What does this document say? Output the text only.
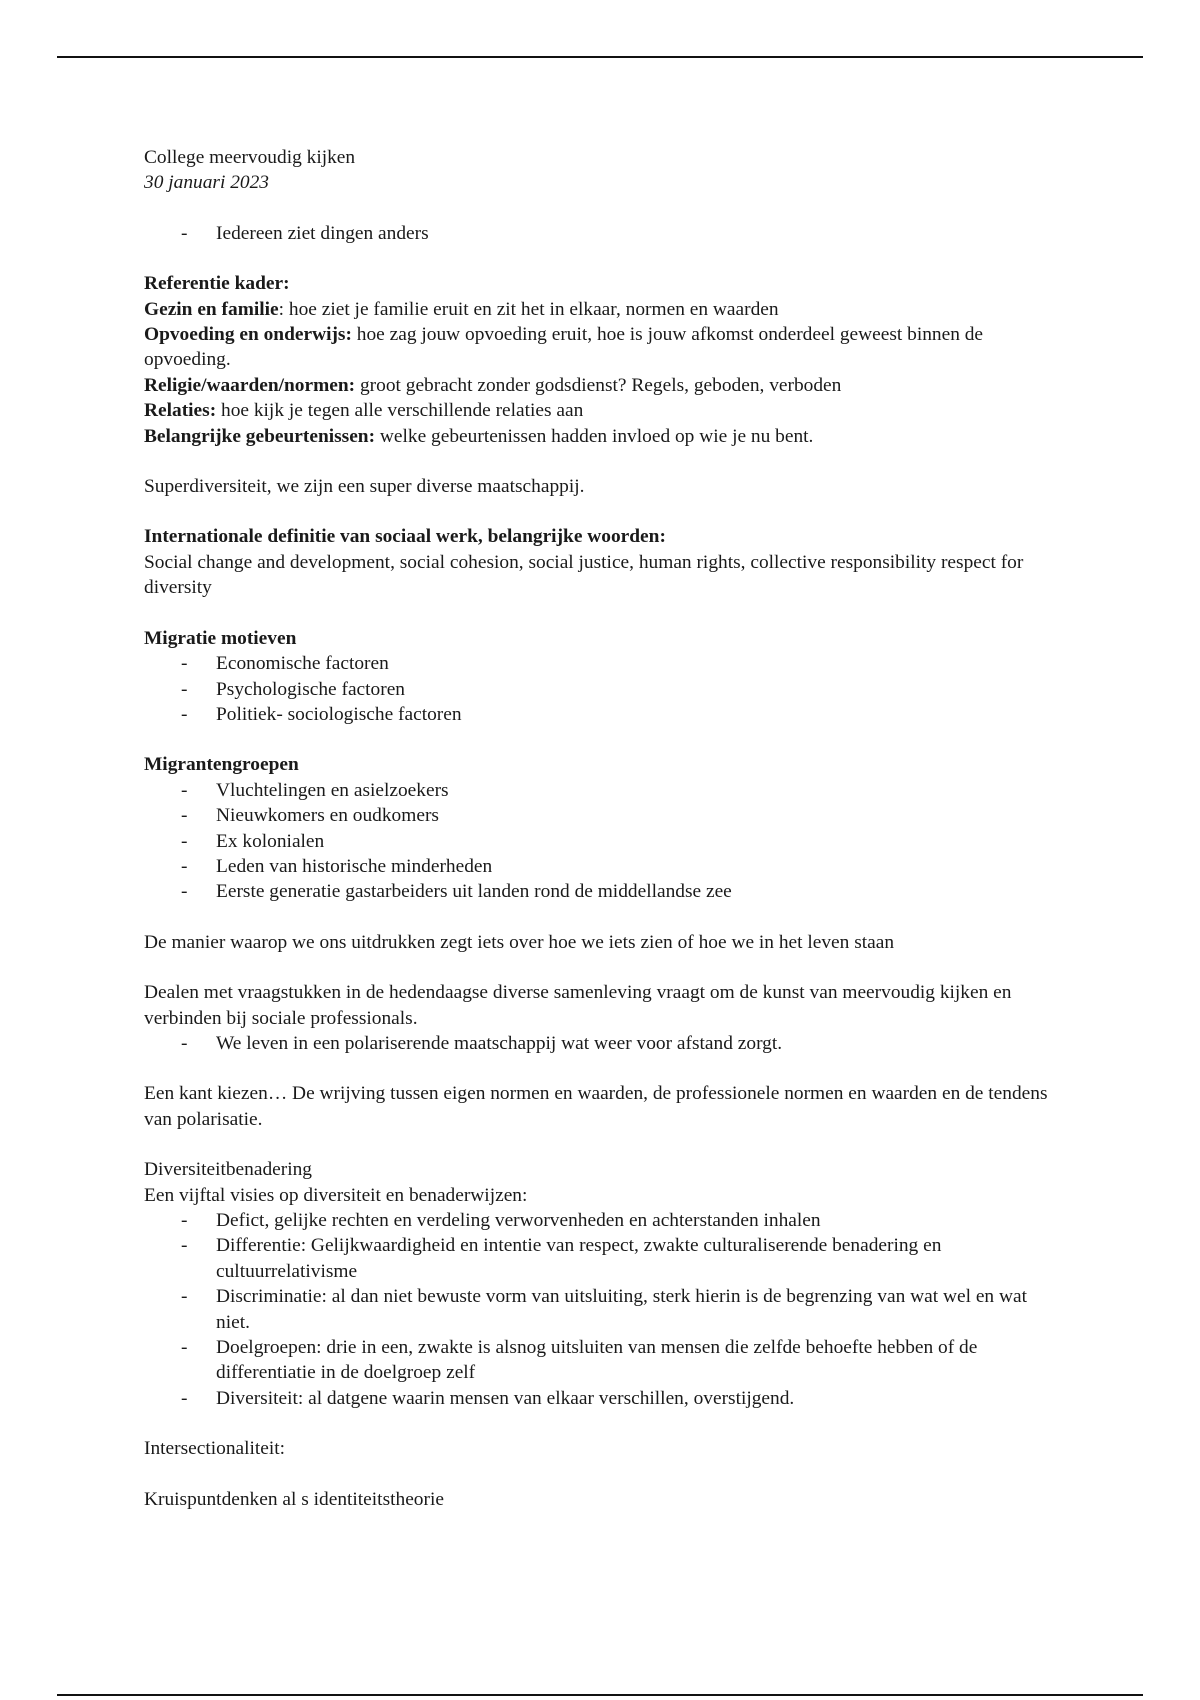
College meervoudig kijken
30 januari 2023
- Iedereen ziet dingen anders
Referentie kader:
Gezin en familie: hoe ziet je familie eruit en zit het in elkaar, normen en waarden
Opvoeding en onderwijs: hoe zag jouw opvoeding eruit, hoe is jouw afkomst onderdeel geweest binnen de opvoeding.
Religie/waarden/normen: groot gebracht zonder godsdienst? Regels, geboden, verboden
Relaties: hoe kijk je tegen alle verschillende relaties aan
Belangrijke gebeurtenissen: welke gebeurtenissen hadden invloed op wie je nu bent.
Superdiversiteit, we zijn een super diverse maatschappij.
Internationale definitie van sociaal werk, belangrijke woorden:
Social change and development, social cohesion, social justice, human rights, collective responsibility respect for diversity
Migratie motieven
- Economische factoren
- Psychologische factoren
- Politiek- sociologische factoren
Migrantengroepen
- Vluchtelingen en asielzoekers
- Nieuwkomers en oudkomers
- Ex kolonialen
- Leden van historische minderheden
- Eerste generatie gastarbeiders uit landen rond de middellandse zee
De manier waarop we ons uitdrukken zegt iets over hoe we iets zien of hoe we in het leven staan
Dealen met vraagstukken in de hedendaagse diverse samenleving vraagt om de kunst van meervoudig kijken en verbinden bij sociale professionals.
- We leven in een polariserende maatschappij wat weer voor afstand zorgt.
Een kant kiezen… De wrijving tussen eigen normen en waarden, de professionele normen en waarden en de tendens van polarisatie.
Diversiteitbenadering
Een vijftal visies op diversiteit en benaderwijzen:
- Defict, gelijke rechten en verdeling verworvenheden en achterstanden inhalen
- Differentie: Gelijkwaardigheid en intentie van respect, zwakte culturaliserende benadering en cultuurrelativisme
- Discriminatie: al dan niet bewuste vorm van uitsluiting, sterk hierin is de begrenzing van wat wel en wat niet.
- Doelgroepen: drie in een, zwakte is alsnog uitsluiten van mensen die zelfde behoefte hebben of de differentiatie in de doelgroep zelf
- Diversiteit: al datgene waarin mensen van elkaar verschillen, overstijgend.
Intersectionaliteit:
Kruispuntdenken al s identiteitstheorie
